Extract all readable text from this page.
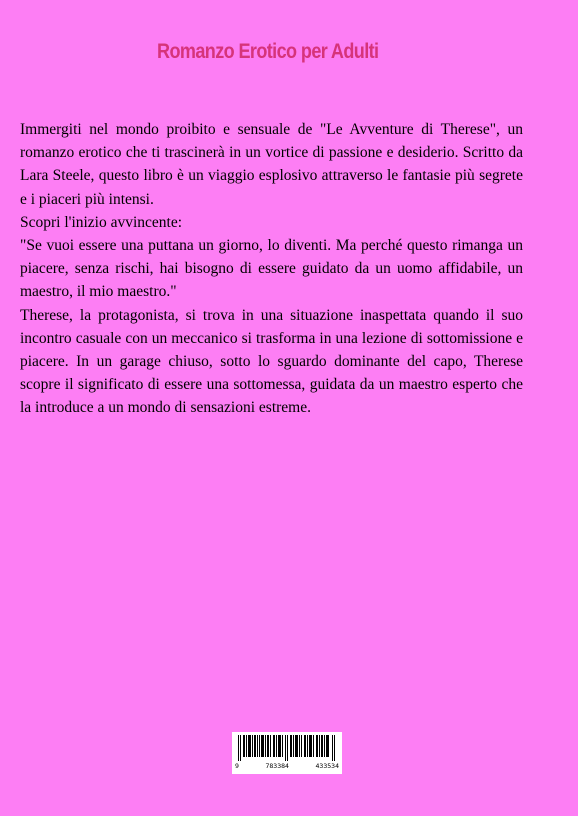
Romanzo Erotico per Adulti

Immergiti nel mondo proibito e sensuale de "Le Avventure di Therese", un romanzo erotico che ti trascinerà in un vortice di passione e desiderio. Scritto da Lara Steele, questo libro è un viaggio esplosivo attraverso le fantasie più segrete e i piaceri più intensi.

Scopri l'inizio avvincente:

"Se vuoi essere una puttana un giorno, lo diventi. Ma perché questo rimanga un piacere, senza rischi, hai bisogno di essere guidato da un uomo affidabile, un maestro, il mio maestro."

Therese, la protagonista, si trova in una situazione inaspettata quando il suo incontro casuale con un meccanico si trasforma in una lezione di sottomissione e piacere. In un garage chiuso, sotto lo sguardo dominante del capo, Therese scopre il significato di essere una sottomessa, guidata da un maestro esperto che la introduce a un mondo di sensazioni estreme.

9	783384	433534
